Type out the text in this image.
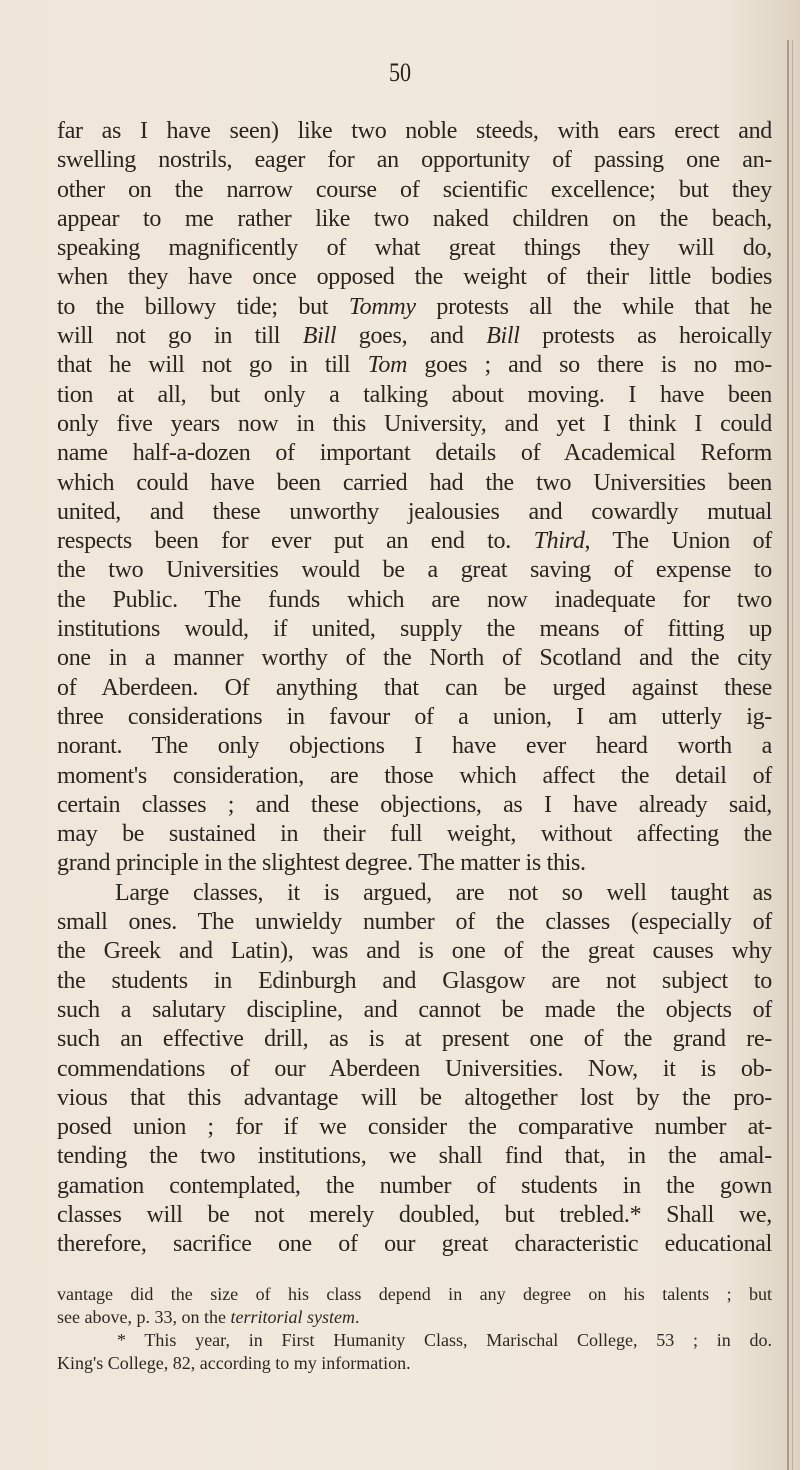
50
far as I have seen) like two noble steeds, with ears erect and
swelling nostrils, eager for an opportunity of passing one an-
other on the narrow course of scientific excellence; but they
appear to me rather like two naked children on the beach,
speaking magnificently of what great things they will do,
when they have once opposed the weight of their little bodies
to the billowy tide; but Tommy protests all the while that he
will not go in till Bill goes, and Bill protests as heroically
that he will not go in till Tom goes ; and so there is no mo-
tion at all, but only a talking about moving. I have been
only five years now in this University, and yet I think I could
name half-a-dozen of important details of Academical Reform
which could have been carried had the two Universities been
united, and these unworthy jealousies and cowardly mutual
respects been for ever put an end to. Third, The Union of
the two Universities would be a great saving of expense to
the Public. The funds which are now inadequate for two
institutions would, if united, supply the means of fitting up
one in a manner worthy of the North of Scotland and the city
of Aberdeen. Of anything that can be urged against these
three considerations in favour of a union, I am utterly ig-
norant. The only objections I have ever heard worth a
moment's consideration, are those which affect the detail of
certain classes ; and these objections, as I have already said,
may be sustained in their full weight, without affecting the
grand principle in the slightest degree. The matter is this.
Large classes, it is argued, are not so well taught as
small ones. The unwieldy number of the classes (especially of
the Greek and Latin), was and is one of the great causes why
the students in Edinburgh and Glasgow are not subject to
such a salutary discipline, and cannot be made the objects of
such an effective drill, as is at present one of the grand re-
commendations of our Aberdeen Universities. Now, it is ob-
vious that this advantage will be altogether lost by the pro-
posed union ; for if we consider the comparative number at-
tending the two institutions, we shall find that, in the amal-
gamation contemplated, the number of students in the gown
classes will be not merely doubled, but trebled.* Shall we,
therefore, sacrifice one of our great characteristic educational
vantage did the size of his class depend in any degree on his talents ; but
see above, p. 33, on the territorial system.
* This year, in First Humanity Class, Marischal College, 53 ; in do.
King's College, 82, according to my information.
